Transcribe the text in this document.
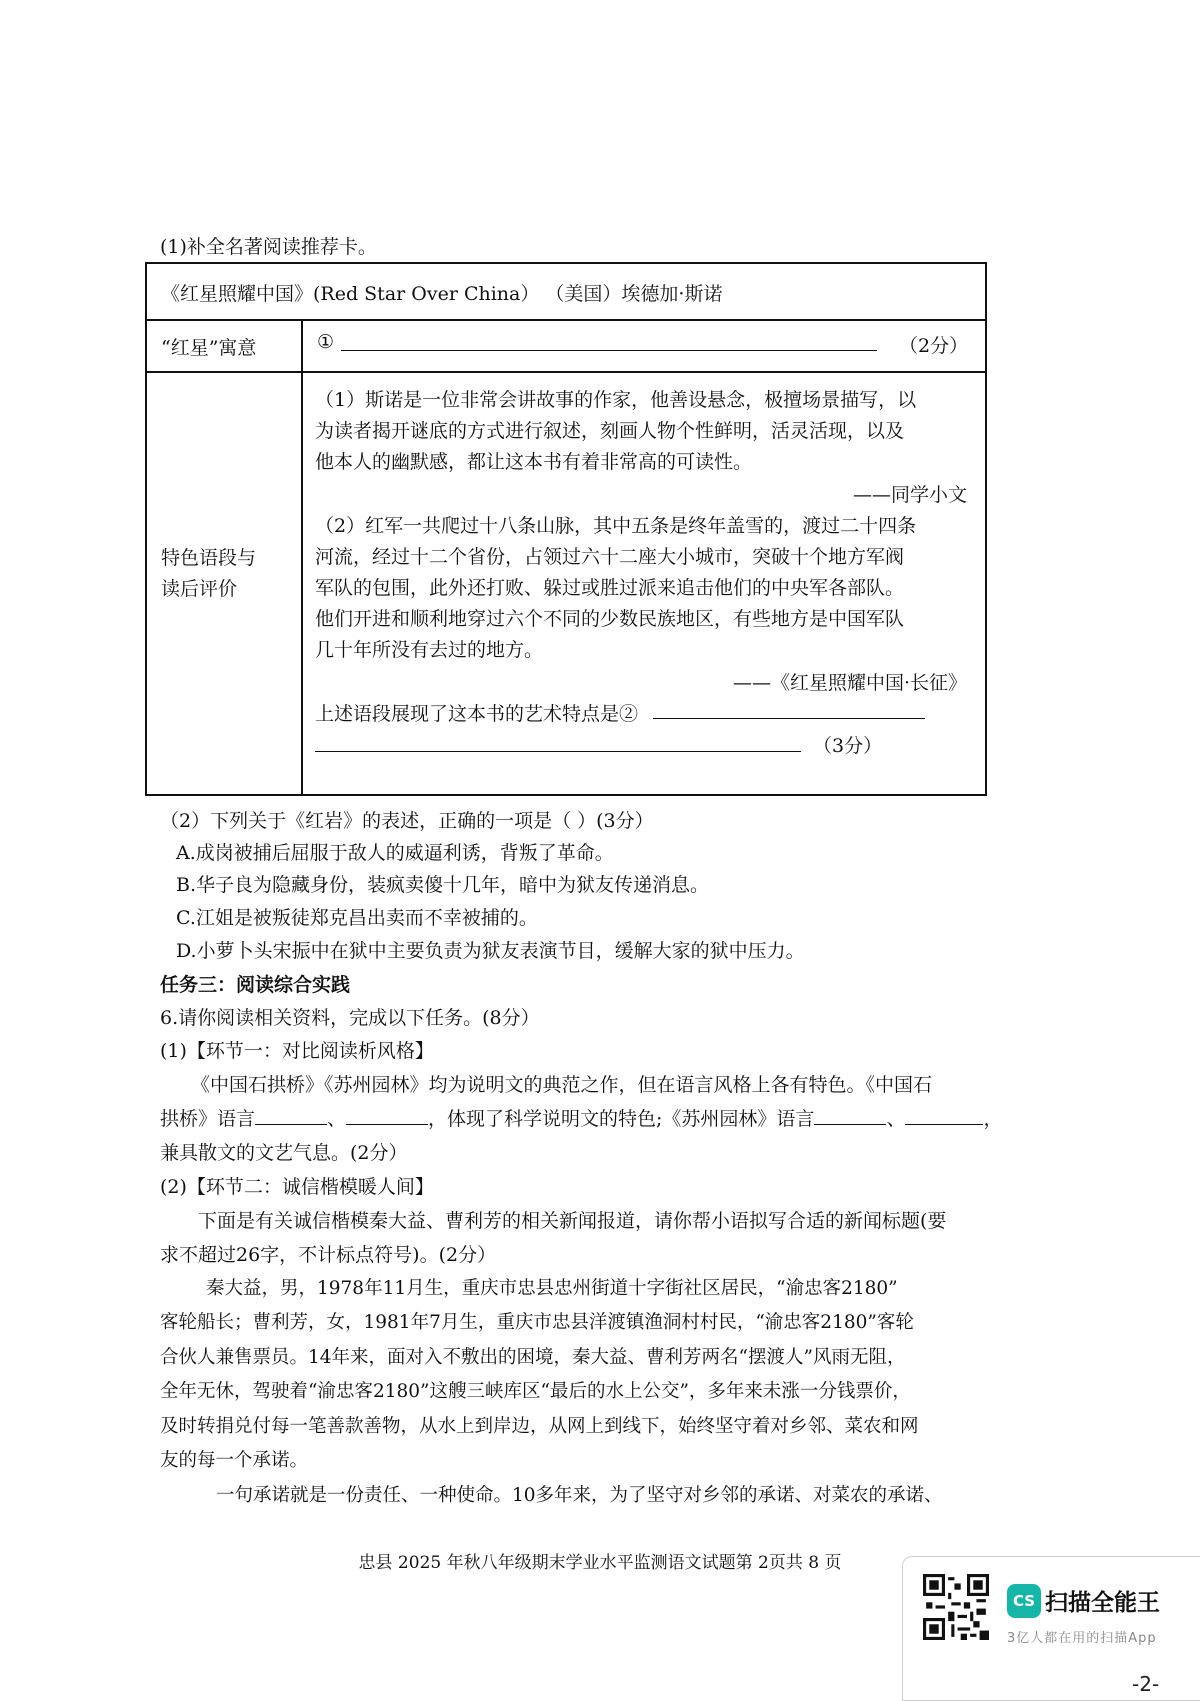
(1)补全名著阅读推荐卡。
《红星照耀中国》(Red Star Over China） （美国）埃德加·斯诺
“红星”寓意	①	（2分）
特色语段与
读后评价
（1）斯诺是一位非常会讲故事的作家，他善设悬念，极擅场景描写，以
为读者揭开谜底的方式进行叙述，刻画人物个性鲜明，活灵活现，以及
他本人的幽默感，都让这本书有着非常高的可读性。
——同学小文
（2）红军一共爬过十八条山脉，其中五条是终年盖雪的，渡过二十四条
河流，经过十二个省份，占领过六十二座大小城市，突破十个地方军阀
军队的包围，此外还打败、躲过或胜过派来追击他们的中央军各部队。
他们开进和顺利地穿过六个不同的少数民族地区，有些地方是中国军队
几十年所没有去过的地方。
——《红星照耀中国·长征》
上述语段展现了这本书的艺术特点是②
（3分）
（2）下列关于《红岩》的表述，正确的一项是（ ）(3分）
A.成岗被捕后屈服于敌人的威逼利诱，背叛了革命。
B.华子良为隐藏身份，装疯卖傻十几年，暗中为狱友传递消息。
C.江姐是被叛徒郑克昌出卖而不幸被捕的。
D.小萝卜头宋振中在狱中主要负责为狱友表演节目，缓解大家的狱中压力。
任务三：阅读综合实践
6.请你阅读相关资料，完成以下任务。(8分）
(1)【环节一：对比阅读析风格】
《中国石拱桥》《苏州园林》均为说明文的典范之作，但在语言风格上各有特色。《中国石
拱桥》语言	、	，体现了科学说明文的特色;《苏州园林》语言	、	，
兼具散文的文艺气息。(2分）
(2)【环节二：诚信楷模暖人间】
下面是有关诚信楷模秦大益、曹利芳的相关新闻报道，请你帮小语拟写合适的新闻标题(要
求不超过26字，不计标点符号)。(2分）
秦大益，男，1978年11月生，重庆市忠县忠州街道十字街社区居民，“渝忠客2180”
客轮船长；曹利芳，女，1981年7月生，重庆市忠县洋渡镇渔洞村村民，“渝忠客2180”客轮
合伙人兼售票员。14年来，面对入不敷出的困境，秦大益、曹利芳两名“摆渡人”风雨无阻，
全年无休，驾驶着“渝忠客2180”这艘三峡库区“最后的水上公交”，多年来未涨一分钱票价，
及时转捐兑付每一笔善款善物，从水上到岸边，从网上到线下，始终坚守着对乡邻、菜农和网
友的每一个承诺。
一句承诺就是一份责任、一种使命。10多年来，为了坚守对乡邻的承诺、对菜农的承诺、
忠县 2025 年秋八年级期末学业水平监测语文试题第 2页共 8 页
CS 扫描全能王
3亿人都在用的扫描App
-2-
